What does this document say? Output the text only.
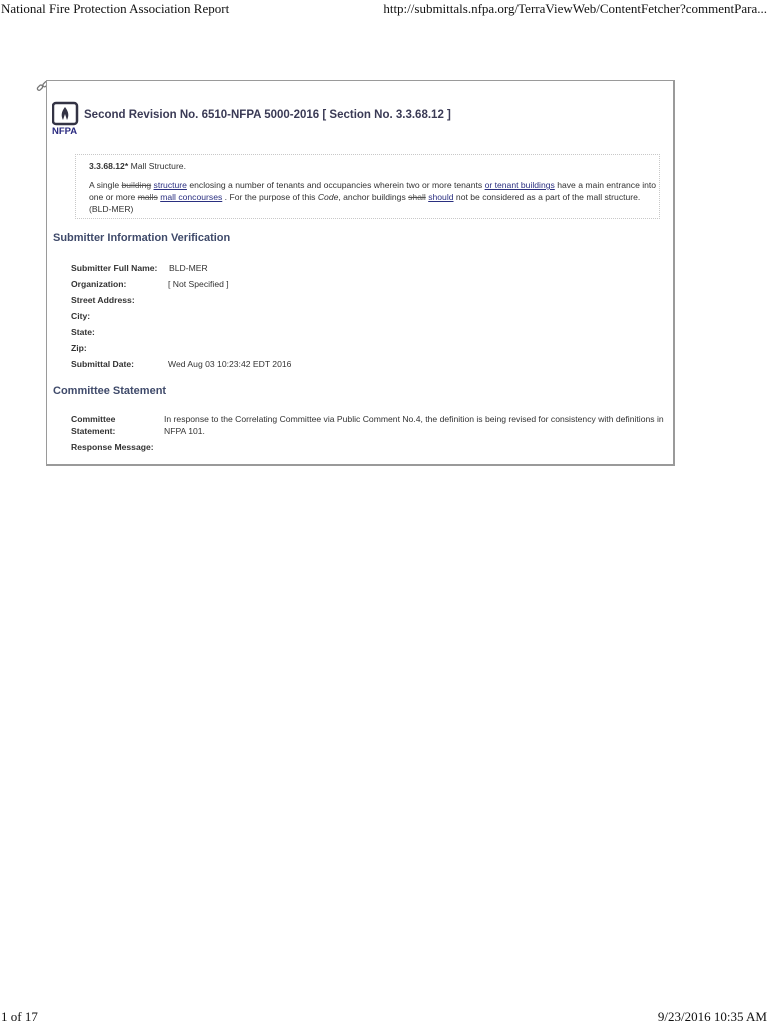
National Fire Protection Association Report	http://submittals.nfpa.org/TerraViewWeb/ContentFetcher?commentPara...
NFPA
Second Revision No. 6510-NFPA 5000-2016 [ Section No. 3.3.68.12 ]
3.3.68.12* Mall Structure.
A single building structure enclosing a number of tenants and occupancies wherein two or more tenants or tenant buildings have a main entrance into one or more malls mall concourses . For the purpose of this Code, anchor buildings shall should not be considered as a part of the mall structure. (BLD-MER)
Submitter Information Verification
Submitter Full Name: BLD-MER
Organization:	[ Not Specified ]
Street Address:
City:
State:
Zip:
Submittal Date:	Wed Aug 03 10:23:42 EDT 2016
Committee Statement
Committee
Statement:
In response to the Correlating Committee via Public Comment No.4, the definition is being revised for consistency with definitions in NFPA 101.
Response Message:
1 of 17	9/23/2016 10:35 AM
